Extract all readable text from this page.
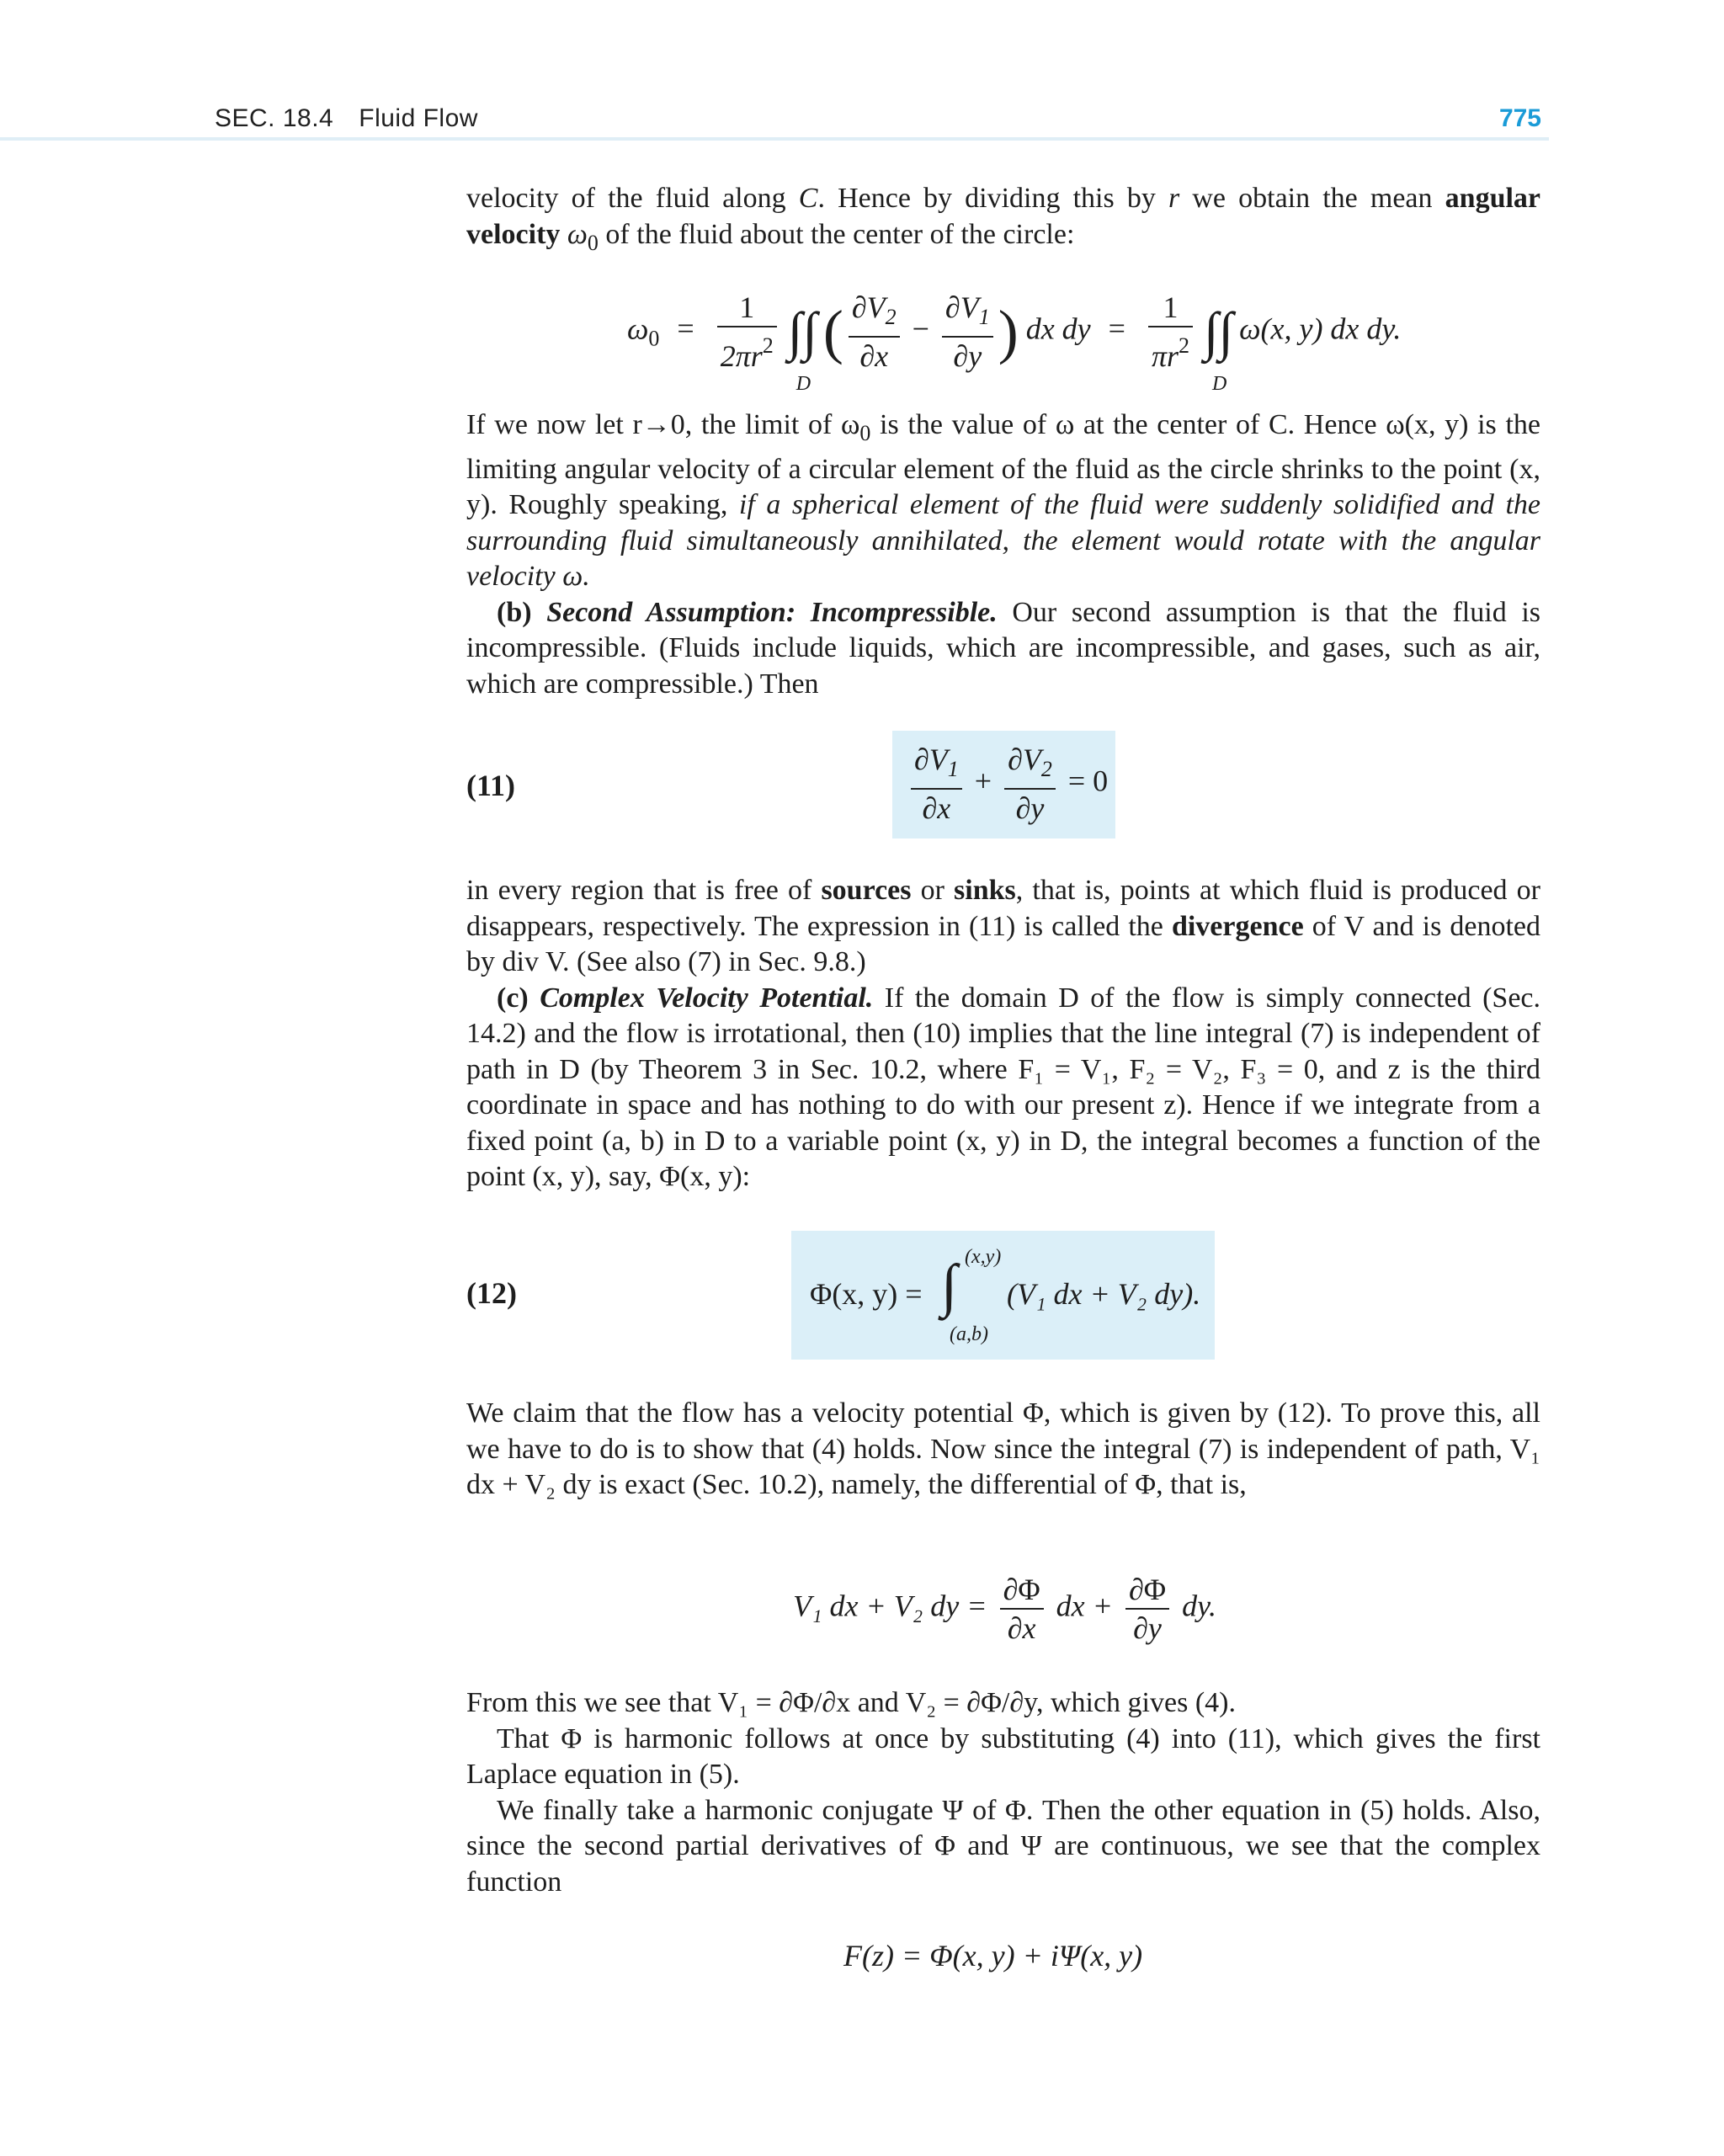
SEC. 18.4 Fluid Flow	775

velocity of the fluid along C. Hence by dividing this by r we obtain the mean angular velocity $\omega_0$ of the fluid about the center of the circle:

$\omega_0 = \frac{1}{2\pi r^2}$ ∫∫
D
( $\frac{\partial V_2}{\partial x} - \frac{\partial V_1}{\partial y}$ ) dx dy = $\frac{1}{\pi r^2}$ ∫∫
D
ω(x, y) dx dy.

If we now let r→0, the limit of $\omega_0$ is the value of ω at the center of C. Hence ω(x, y) is the limiting angular velocity of a circular element of the fluid as the circle shrinks to the point (x, y). Roughly speaking, if a spherical element of the fluid were suddenly solidified and the surrounding fluid simultaneously annihilated, the element would rotate with the angular velocity ω.

(b) Second Assumption: Incompressible. Our second assumption is that the fluid is incompressible. (Fluids include liquids, which are incompressible, and gases, such as air, which are compressible.) Then

(11)	$\frac{\partial V_1}{\partial x} + \frac{\partial V_2}{\partial y} = 0$

in every region that is free of sources or sinks, that is, points at which fluid is produced or disappears, respectively. The expression in (11) is called the divergence of V and is denoted by div V. (See also (7) in Sec. 9.8.)

(c) Complex Velocity Potential. If the domain D of the flow is simply connected (Sec. 14.2) and the flow is irrotational, then (10) implies that the line integral (7) is independent of path in D (by Theorem 3 in Sec. 10.2, where F₁ = V₁, F₂ = V₂, F₃ = 0, and z is the third coordinate in space and has nothing to do with our present z). Hence if we integrate from a fixed point (a, b) in D to a variable point (x, y) in D, the integral becomes a function of the point (x, y), say, Φ(x, y):

(12)	Φ(x, y) = ∫ (x,y)
(a,b)
(V₁ dx + V₂ dy).

We claim that the flow has a velocity potential Φ, which is given by (12). To prove this, all we have to do is to show that (4) holds. Now since the integral (7) is independent of path, V₁ dx + V₂ dy is exact (Sec. 10.2), namely, the differential of Φ, that is,

V₁ dx + V₂ dy = $\frac{\partial\Phi}{\partial x}$ dx + $\frac{\partial\Phi}{\partial y}$ dy.

From this we see that V₁ = ∂Φ/∂x and V₂ = ∂Φ/∂y, which gives (4).

That Φ is harmonic follows at once by substituting (4) into (11), which gives the first Laplace equation in (5).

We finally take a harmonic conjugate Ψ of Φ. Then the other equation in (5) holds. Also, since the second partial derivatives of Φ and Ψ are continuous, we see that the complex function

F(z) = Φ(x, y) + iΨ(x, y)
